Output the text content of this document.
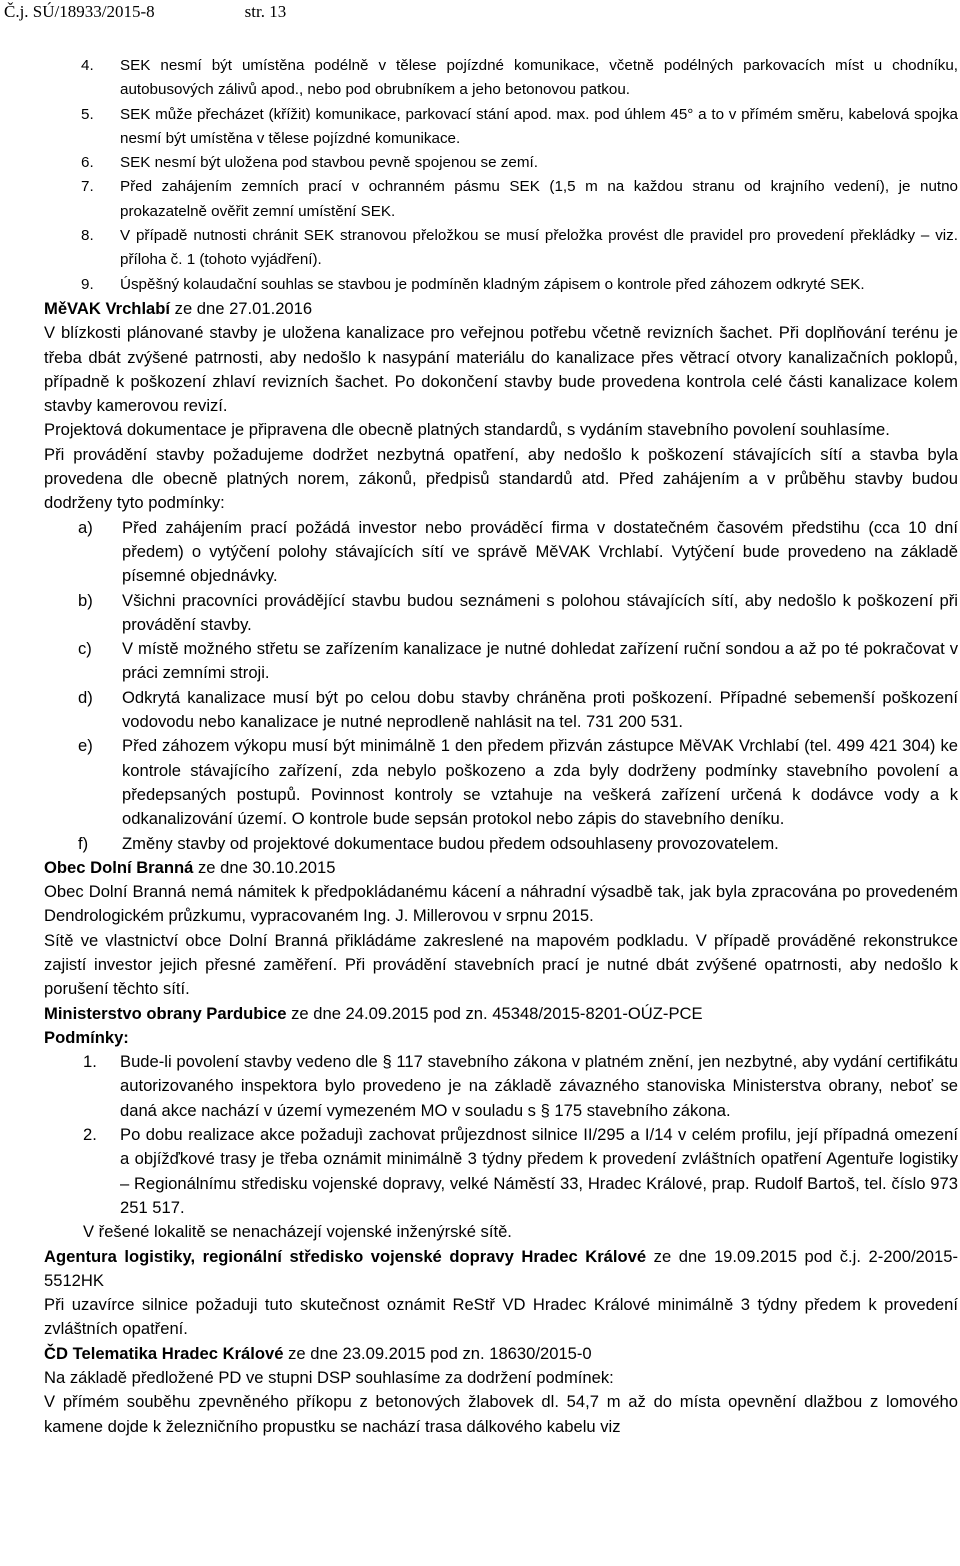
Č.j. SÚ/18933/2015-8	str. 13
4. SEK nesmí být umístěna podélně v tělese pojízdné komunikace, včetně podélných parkovacích míst u chodníku, autobusových zálivů apod., nebo pod obrubníkem a jeho betonovou patkou.
5. SEK může přecházet (křížit) komunikace, parkovací stání apod. max. pod úhlem 45° a to v přímém směru, kabelová spojka nesmí být umístěna v tělese pojízdné komunikace.
6. SEK nesmí být uložena pod stavbou pevně spojenou se zemí.
7. Před zahájením zemních prací v ochranném pásmu SEK (1,5 m na každou stranu od krajního vedení), je nutno prokazatelně ověřit zemní umístění SEK.
8. V případě nutnosti chránit SEK stranovou přeložkou se musí přeložka provést dle pravidel pro provedení překládky – viz. příloha č. 1 (tohoto vyjádření).
9. Úspěšný kolaudační souhlas se stavbou je podmíněn kladným zápisem o kontrole před záhozem odkryté SEK.

MěVAK Vrchlabí ze dne 27.01.2016

V blízkosti plánované stavby je uložena kanalizace pro veřejnou potřebu včetně revizních šachet. Při doplňování terénu je třeba dbát zvýšené patrnosti, aby nedošlo k nasypání materiálu do kanalizace přes větrací otvory kanalizačních poklopů, případně k poškození zhlaví revizních šachet. Po dokončení stavby bude provedena kontrola celé části kanalizace kolem stavby kamerovou revizí.

Projektová dokumentace je připravena dle obecně platných standardů, s vydáním stavebního povolení souhlasíme.

Při provádění stavby požadujeme dodržet nezbytná opatření, aby nedošlo k poškození stávajících sítí a stavba byla provedena dle obecně platných norem, zákonů, předpisů standardů atd. Před zahájením a v průběhu stavby budou dodrženy tyto podmínky:

a) Před zahájením prací požádá investor nebo prováděcí firma v dostatečném časovém předstihu (cca 10 dní předem) o vytýčení polohy stávajících sítí ve správě MěVAK Vrchlabí. Vytýčení bude provedeno na základě písemné objednávky.
b) Všichni pracovníci provádějící stavbu budou seznámeni s polohou stávajících sítí, aby nedošlo k poškození při provádění stavby.
c) V místě možného střetu se zařízením kanalizace je nutné dohledat zařízení ruční sondou a až po té pokračovat v práci zemními stroji.
d) Odkrytá kanalizace musí být po celou dobu stavby chráněna proti poškození. Případné sebemenší poškození vodovodu nebo kanalizace je nutné neprodleně nahlásit na tel. 731 200 531.
e) Před záhozem výkopu musí být minimálně 1 den předem přizván zástupce MěVAK Vrchlabí (tel. 499 421 304) ke kontrole stávajícího zařízení, zda nebylo poškozeno a zda byly dodrženy podmínky stavebního povolení a předepsaných postupů. Povinnost kontroly se vztahuje na veškerá zařízení určená k dodávce vody a k odkanalizování území. O kontrole bude sepsán protokol nebo zápis do stavebního deníku.
f) Změny stavby od projektové dokumentace budou předem odsouhlaseny provozovatelem.

Obec Dolní Branná ze dne 30.10.2015

Obec Dolní Branná nemá námitek k předpokládanému kácení a náhradní výsadbě tak, jak byla zpracována po provedeném Dendrologickém průzkumu, vypracovaném Ing. J. Millerovou v srpnu 2015.

Sítě ve vlastnictví obce Dolní Branná přikládáme zakreslené na mapovém podkladu. V případě prováděné rekonstrukce zajistí investor jejich přesné zaměření. Při provádění stavebních prací je nutné dbát zvýšené opatrnosti, aby nedošlo k porušení těchto sítí.

Ministerstvo obrany Pardubice ze dne 24.09.2015 pod zn. 45348/2015-8201-OÚZ-PCE

Podmínky:

1. Bude-li povolení stavby vedeno dle § 117 stavebního zákona v platném znění, jen nezbytné, aby vydání certifikátu autorizovaného inspektora bylo provedeno je na základě závazného stanoviska Ministerstva obrany, neboť se daná akce nachází v území vymezeném MO v souladu s § 175 stavebního zákona.
2. Po dobu realizace akce požadujì zachovat průjezdnost silnice II/295 a I/14 v celém profilu, její případná omezení a objížďkové trasy je třeba oznámit minimálně 3 týdny předem k provedení zvláštních opatření Agentuře logistiky – Regionálnímu středisku vojenské dopravy, velké Náměstí 33, Hradec Králové, prap. Rudolf Bartoš, tel. číslo 973 251 517.

V řešené lokalitě se nenacházejí vojenské inženýrské sítě.

Agentura logistiky, regionální středisko vojenské dopravy Hradec Králové ze dne 19.09.2015 pod č.j. 2-200/2015-5512HK

Při uzavírce silnice požaduji tuto skutečnost oznámit ReStř VD Hradec Králové minimálně 3 týdny předem k provedení zvláštních opatření.

ČD Telematika Hradec Králové ze dne 23.09.2015 pod zn. 18630/2015-0

Na základě předložené PD ve stupni DSP souhlasíme za dodržení podmínek:

V přímém souběhu zpevněného příkopu z betonových žlabovek dl. 54,7 m až do místa opevnění dlažbou z lomového kamene dojde k železničního propustku se nachází trasa dálkového kabelu viz
